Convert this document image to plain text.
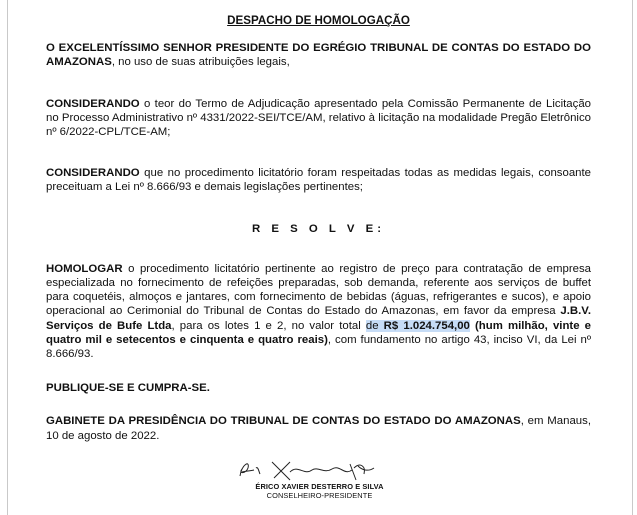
DESPACHO DE HOMOLOGAÇÃO

O EXCELENTÍSSIMO SENHOR PRESIDENTE DO EGRÉGIO TRIBUNAL DE CONTAS DO ESTADO DO AMAZONAS, no uso de suas atribuições legais,

CONSIDERANDO o teor do Termo de Adjudicação apresentado pela Comissão Permanente de Licitação no Processo Administrativo nº 4331/2022-SEI/TCE/AM, relativo à licitação na modalidade Pregão Eletrônico nº 6/2022-CPL/TCE-AM;

CONSIDERANDO que no procedimento licitatório foram respeitadas todas as medidas legais, consoante preceituam a Lei nº 8.666/93 e demais legislações pertinentes;

R E S O L V E:

HOMOLOGAR o procedimento licitatório pertinente ao registro de preço para contratação de empresa especializada no fornecimento de refeições preparadas, sob demanda, referente aos serviços de buffet para coquetéis, almoços e jantares, com fornecimento de bebidas (águas, refrigerantes e sucos), e apoio operacional ao Cerimonial do Tribunal de Contas do Estado do Amazonas, em favor da empresa J.B.V. Serviços de Bufe Ltda, para os lotes 1 e 2, no valor total de R$ 1.024.754,00 (hum milhão, vinte e quatro mil e setecentos e cinquenta e quatro reais), com fundamento no artigo 43, inciso VI, da Lei nº 8.666/93.

PUBLIQUE-SE E CUMPRA-SE.

GABINETE DA PRESIDÊNCIA DO TRIBUNAL DE CONTAS DO ESTADO DO AMAZONAS, em Manaus, 10 de agosto de 2022.

ÉRICO XAVIER DESTERRO E SILVA
CONSELHEIRO-PRESIDENTE
